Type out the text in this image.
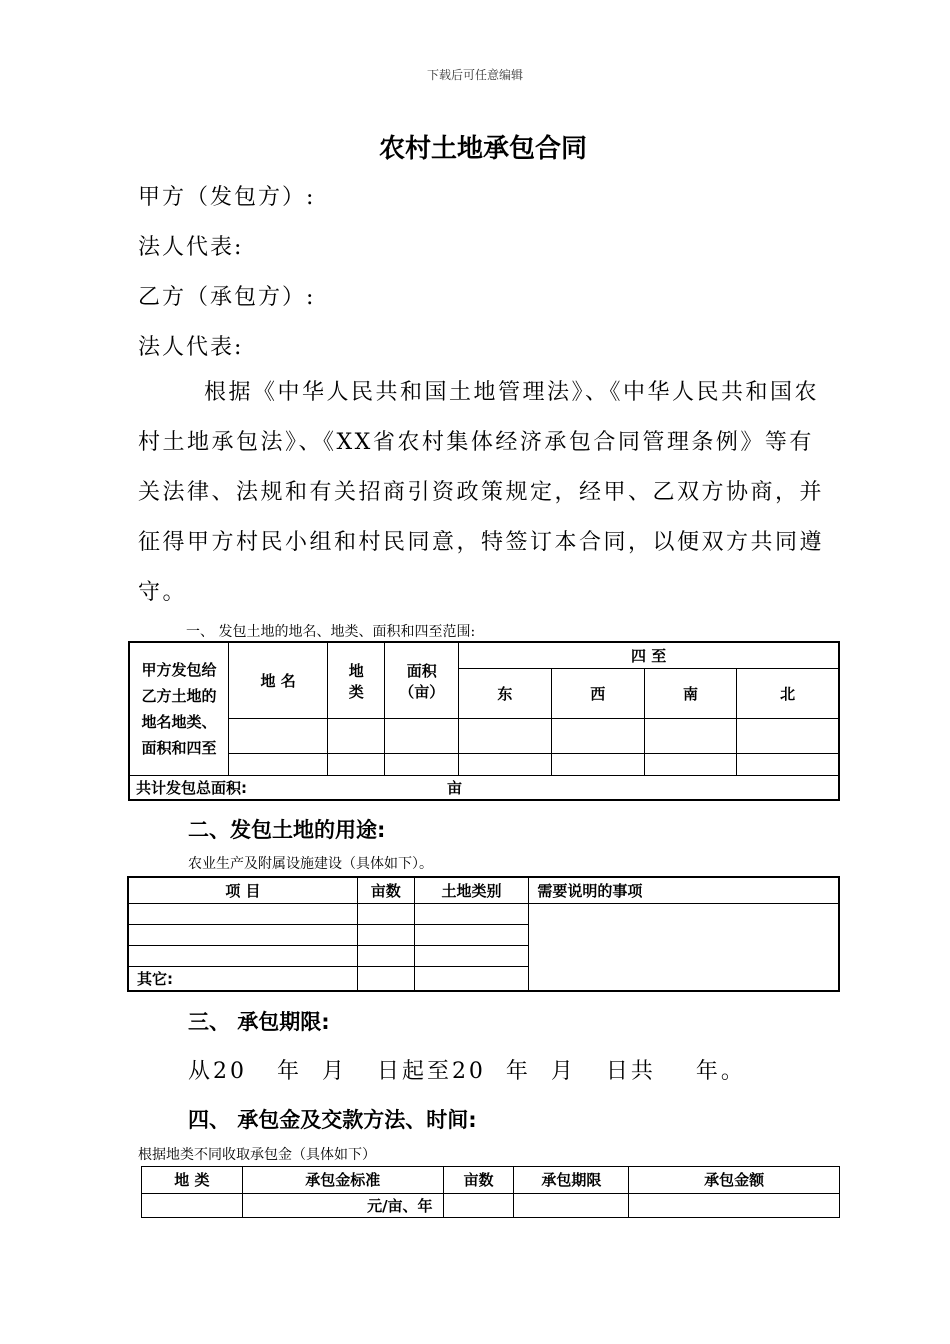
下载后可任意编辑
农村土地承包合同
甲方（发包方）:
法人代表:
乙方（承包方）:
法人代表:
根据《中华人民共和国土地管理法》、《中华人民共和国农村土地承包法》、《XX省农村集体经济承包合同管理条例》等有关法律、法规和有关招商引资政策规定，经甲、乙双方协商，并征得甲方村民小组和村民同意，特签订本合同，以便双方共同遵守。
一、 发包土地的地名、地类、面积和四至范围:
甲方发包给乙方土地的地名地类、面积和四至	地 名	地类	面积（亩）	四 至			
				东	西	南	北

共计发包总面积: 亩							
二、发包土地的用途:
农业生产及附属设施建设（具体如下）。
项 目	亩数	土地类别	需要说明的事项

其它:			
三、 承包期限:
从20   年  月   日起至20  年  月   日共    年。
四、 承包金及交款方法、时间:
根据地类不同收取承包金（具体如下）
地 类	承包金标准	亩数	承包期限	承包金额
	元/亩、年			
